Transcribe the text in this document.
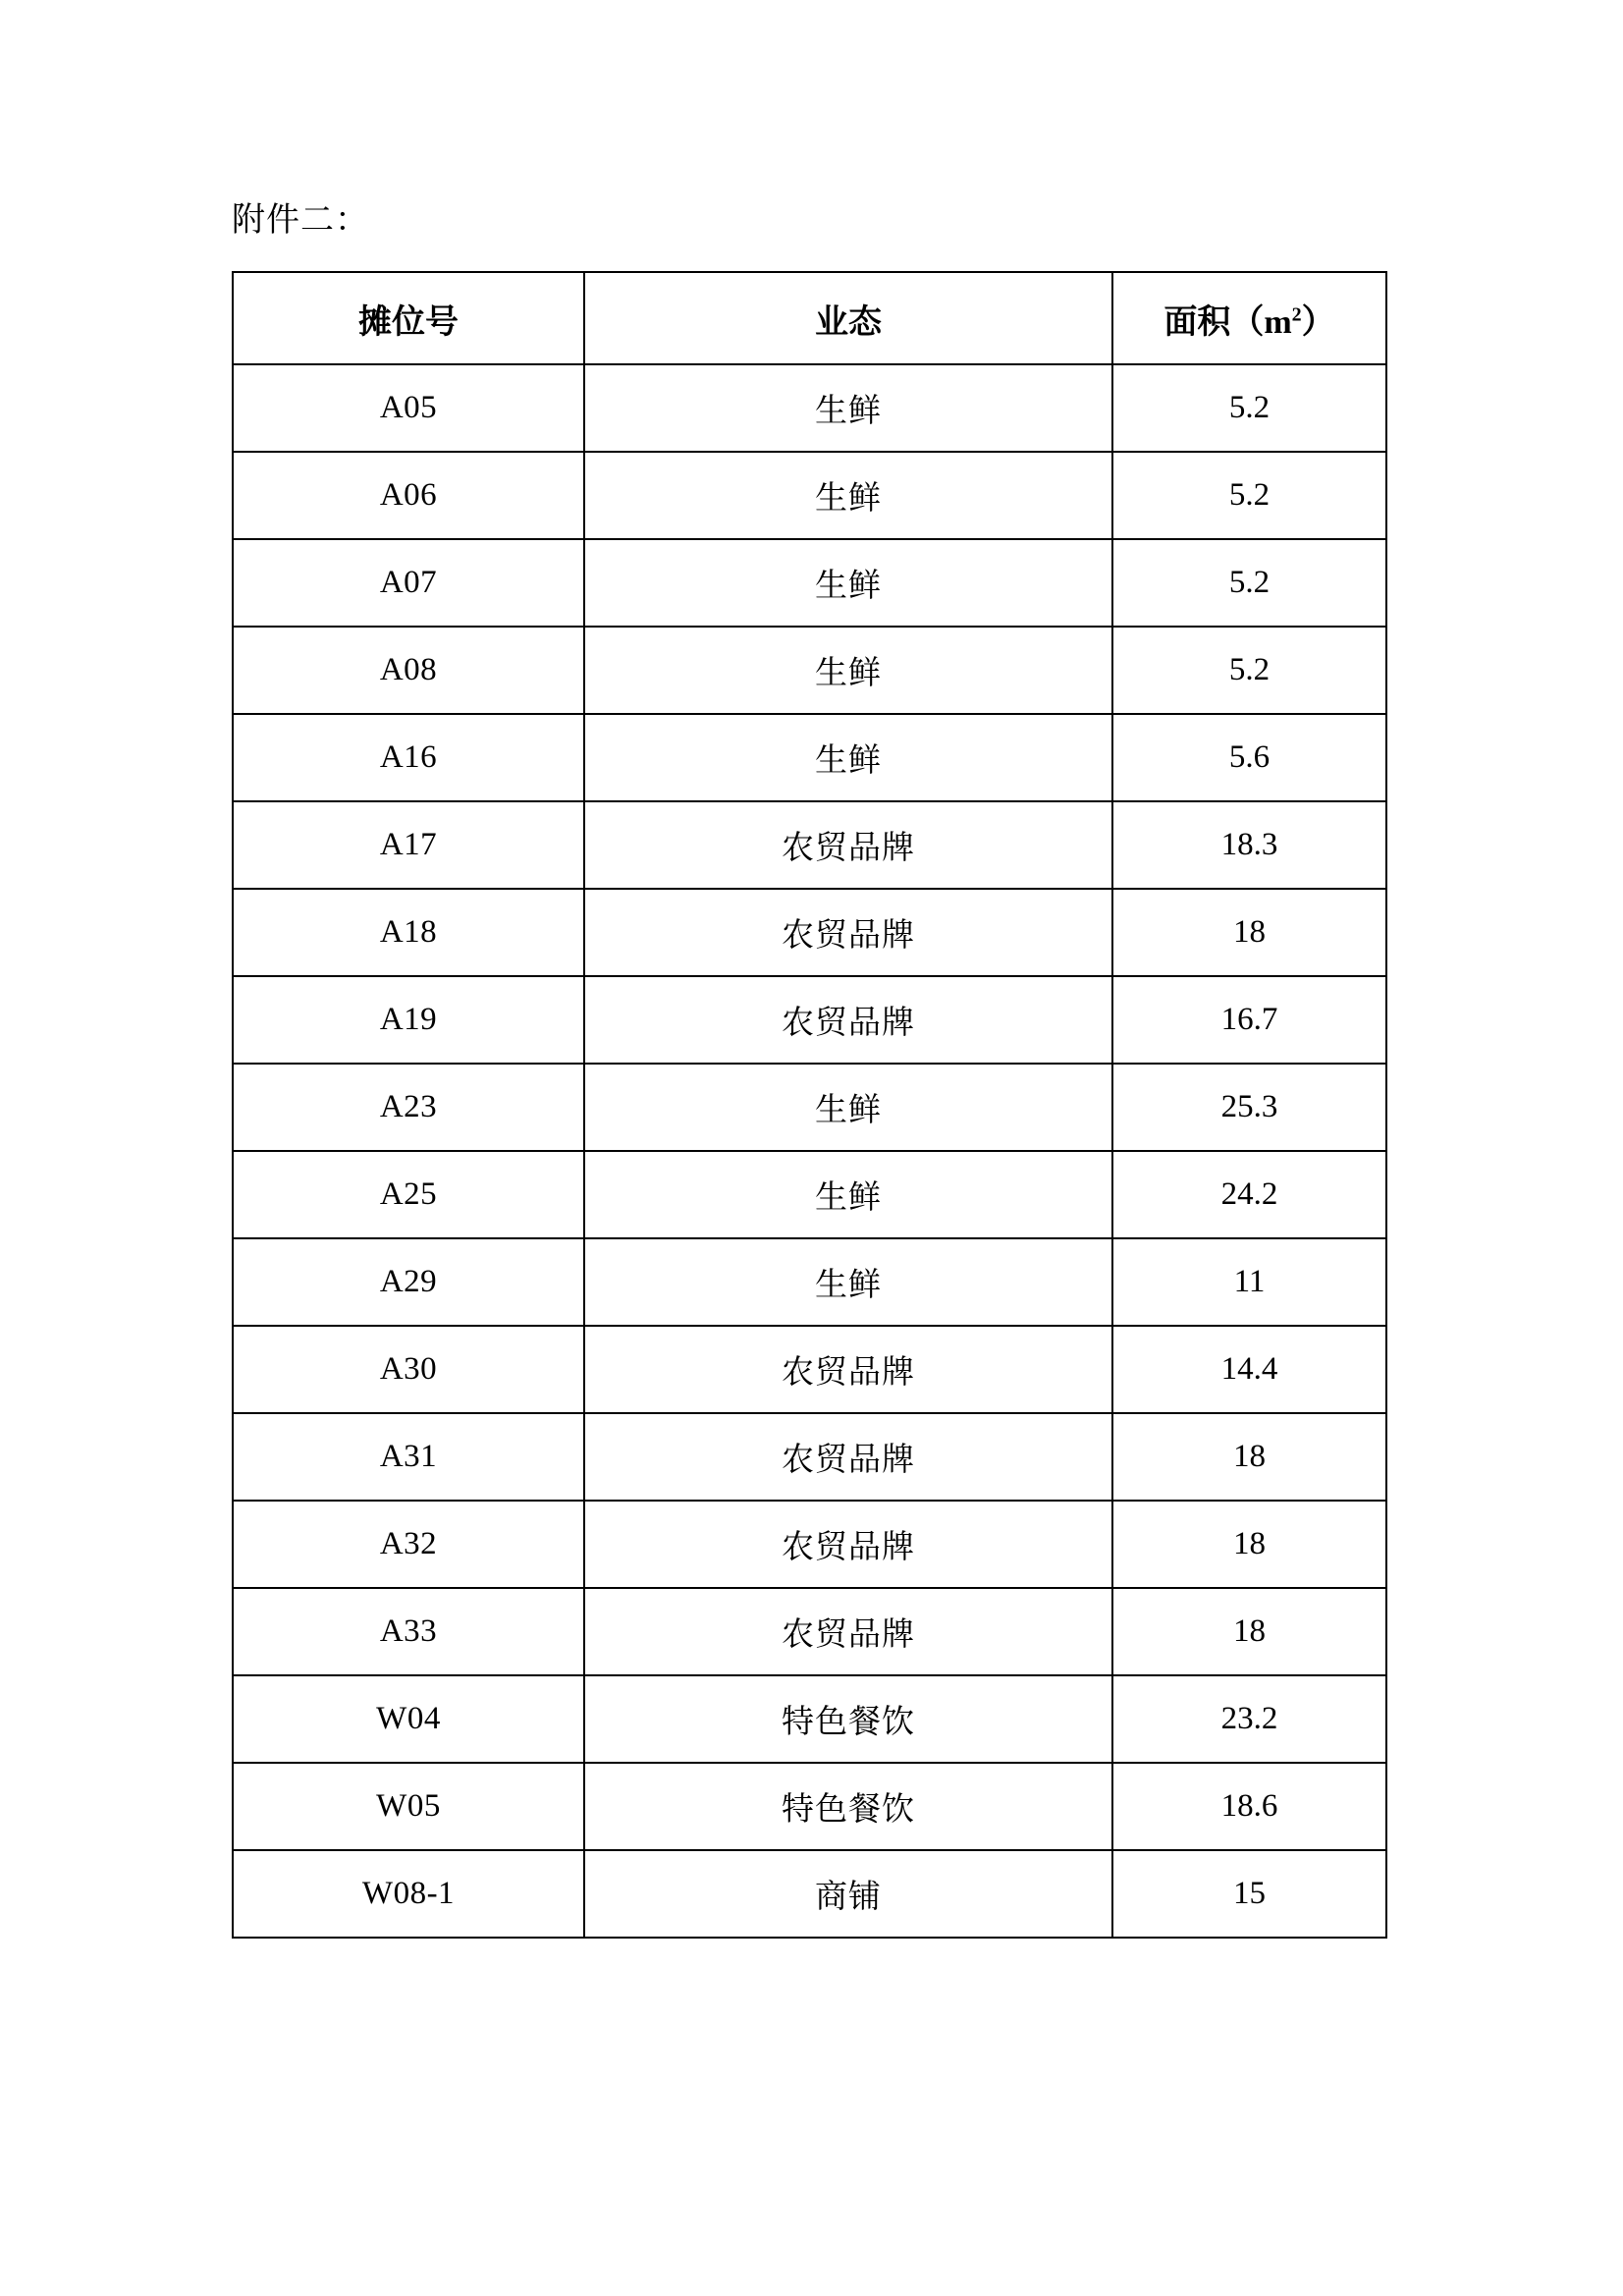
附件二：
摊位号	业态	面积$(m^2)$
A05	生鲜	5.2
A06	生鲜	5.2
A07	生鲜	5.2
A08	生鲜	5.2
A16	生鲜	5.6
A17	农贸品牌	18.3
A18	农贸品牌	18
A19	农贸品牌	16.7
A23	生鲜	25.3
A25	生鲜	24.2
A29	生鲜	11
A30	农贸品牌	14.4
A31	农贸品牌	18
A32	农贸品牌	18
A33	农贸品牌	18
W04	特色餐饮	23.2
W05	特色餐饮	18.6
W08-1	商铺	15
